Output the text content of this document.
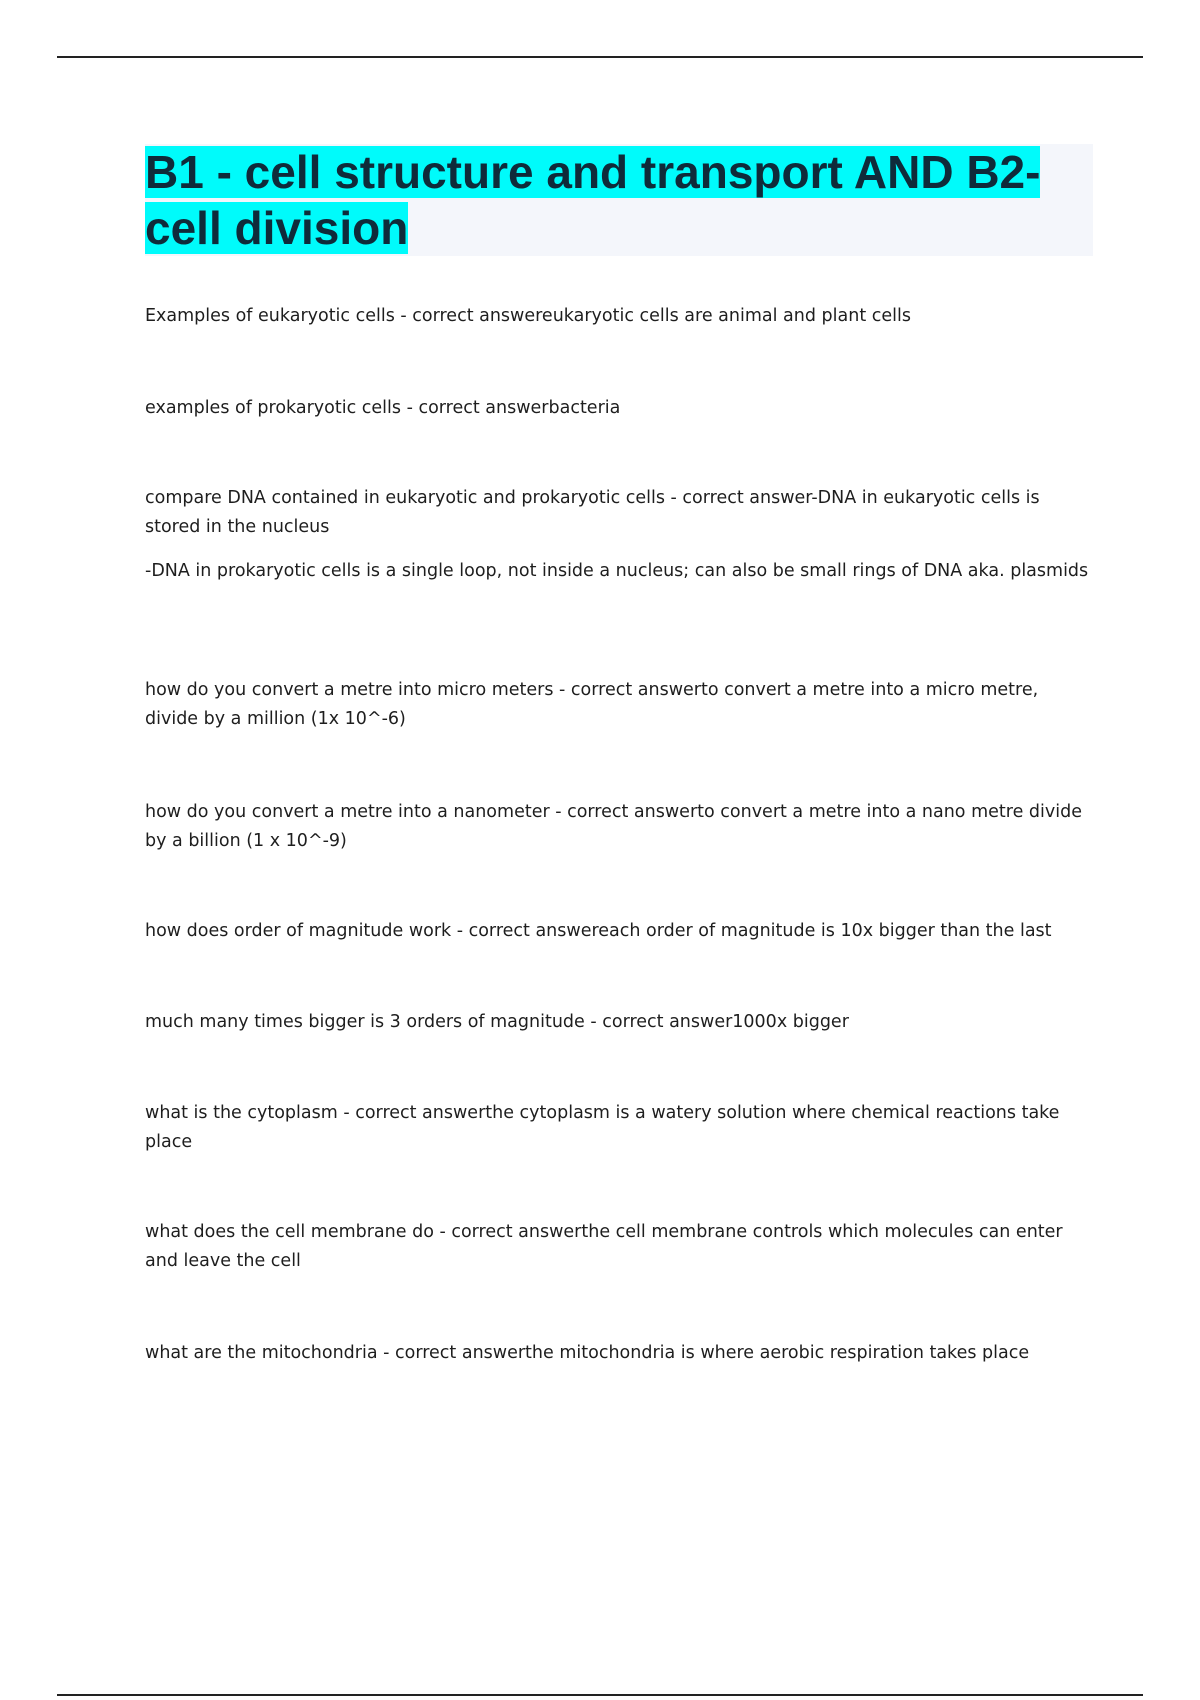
B1 - cell structure and transport AND B2- cell division

Examples of eukaryotic cells - correct answereukaryotic cells are animal and plant cells

examples of prokaryotic cells - correct answerbacteria

compare DNA contained in eukaryotic and prokaryotic cells - correct answer-DNA in eukaryotic cells is stored in the nucleus

-DNA in prokaryotic cells is a single loop, not inside a nucleus; can also be small rings of DNA aka. plasmids

how do you convert a metre into micro meters - correct answerto convert a metre into a micro metre, divide by a million (1x 10^-6)

how do you convert a metre into a nanometer - correct answerto convert a metre into a nano metre divide by a billion (1 x 10^-9)

how does order of magnitude work - correct answereach order of magnitude is 10x bigger than the last

much many times bigger is 3 orders of magnitude - correct answer1000x bigger

what is the cytoplasm - correct answerthe cytoplasm is a watery solution where chemical reactions take place

what does the cell membrane do - correct answerthe cell membrane controls which molecules can enter and leave the cell

what are the mitochondria - correct answerthe mitochondria is where aerobic respiration takes place
